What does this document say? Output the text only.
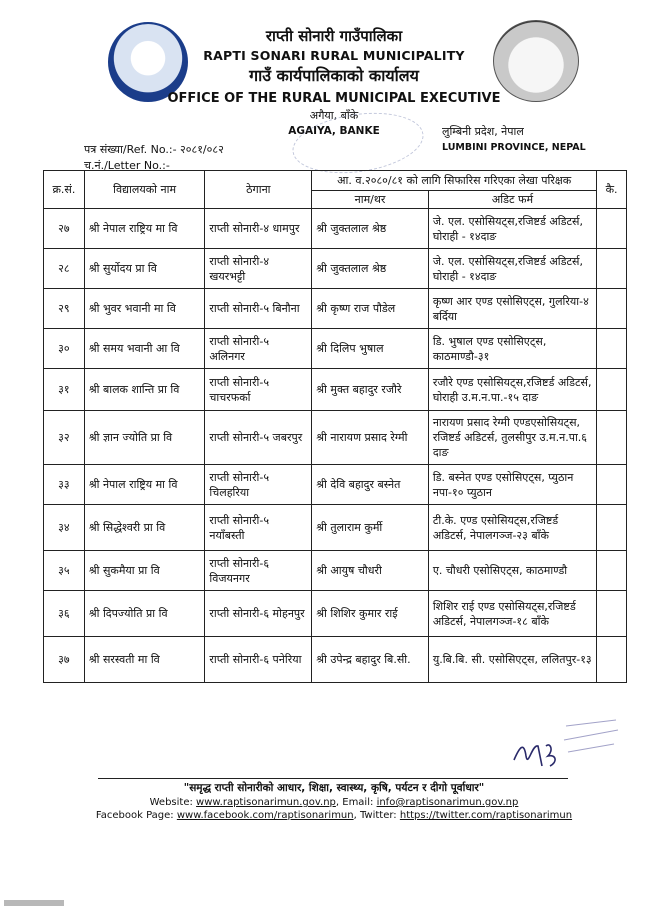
राप्ती सोनारी गाउँपालिका
RAPTI SONARI RURAL MUNICIPALITY
गाउँ कार्यपालिकाको कार्यालय
OFFICE OF THE RURAL MUNICIPAL EXECUTIVE
अगैया, बाँके
AGAIYA, BANKE	लुम्बिनी प्रदेश, नेपाल
LUMBINI PROVINCE, NEPAL
पत्र संख्या/Ref. No.:- २०८१/०८२
च.नं./Letter No.:-
क्र.सं.	विद्यालयको नाम	ठेगाना	आ. व.२०८०/८१ को लागि सिफारिस गरिएका लेखा परिक्षक		कै.
			नाम/थर	अडिट फर्म	
२७	श्री नेपाल राष्ट्रिय मा वि	राप्ती सोनारी-४ धामपुर	श्री जुक्तलाल श्रेष्ठ	जे. एल. एसोसियट्स,रजिष्टर्ड अडिटर्स, घोराही - १४दाङ	
२८	श्री सुर्योदय प्रा वि	राप्ती सोनारी-४ खयरभट्टी	श्री जुक्तलाल श्रेष्ठ	जे. एल. एसोसियट्स,रजिष्टर्ड अडिटर्स, घोराही - १४दाङ	
२९	श्री भुवर भवानी मा वि	राप्ती सोनारी-५ बिनौना	श्री कृष्ण राज पौडेल	कृष्ण आर एण्ड एसोसिएट्स, गुलरिया-४ बर्दिया	
३०	श्री समय भवानी आ वि	राप्ती सोनारी-५ अलिनगर	श्री दिलिप भुषाल	डि. भुषाल एण्ड एसोसिएट्स, काठमाण्डौ-३१	
३१	श्री बालक शान्ति प्रा वि	राप्ती सोनारी-५ चाचरफर्का	श्री मुक्त बहादुर रजौरे	रजौरे एण्ड एसोसियट्स,रजिष्टर्ड अडिटर्स, घोराही उ.म.न.पा.-१५ दाङ	
३२	श्री ज्ञान ज्योति प्रा वि	राप्ती सोनारी-५ जबरपुर	श्री नारायण प्रसाद रेग्मी	नारायण प्रसाद रेग्मी एण्डएसोसियट्स, रजिष्टर्ड अडिटर्स, तुलसीपुर उ.म.न.पा.६ दाङ	
३३	श्री नेपाल राष्ट्रिय मा वि	राप्ती सोनारी-५ चिलहरिया	श्री देवि बहादुर बस्नेत	डि. बस्नेत एण्ड एसोसिएट्स, प्युठान नपा-१० प्युठान	
३४	श्री सिद्धेश्वरी प्रा वि	राप्ती सोनारी-५ नयाँबस्ती	श्री तुलाराम कुर्मी	टी.के. एण्ड एसोसियट्स,रजिष्टर्ड अडिटर्स, नेपालगञ्ज-२३ बाँके	
३५	श्री सुकमैया प्रा वि	राप्ती सोनारी-६ विजयनगर	श्री आयुष चौधरी	ए. चौधरी एसोसिएट्स, काठमाण्डौ	
३६	श्री दिपज्योति प्रा वि	राप्ती सोनारी-६ मोहनपुर	श्री शिशिर कुमार राई	शिशिर राई एण्ड एसोसियट्स,रजिष्टर्ड अडिटर्स, नेपालगञ्ज-१८ बाँके	
३७	श्री सरस्वती मा वि	राप्ती सोनारी-६ पनेरिया	श्री उपेन्द्र बहादुर बि.सी.	यु.बि.बि. सी. एसोसिएट्स, ललितपुर-१३	
"समृद्ध राप्ती सोनारीको आधार, शिक्षा, स्वास्थ्य, कृषि, पर्यटन र दीगो पूर्वाधार"
Website: www.raptisonarimun.gov.np, Email: info@raptisonarimun.gov.np
Facebook Page: www.facebook.com/raptisonarimun, Twitter: https://twitter.com/raptisonarimun
